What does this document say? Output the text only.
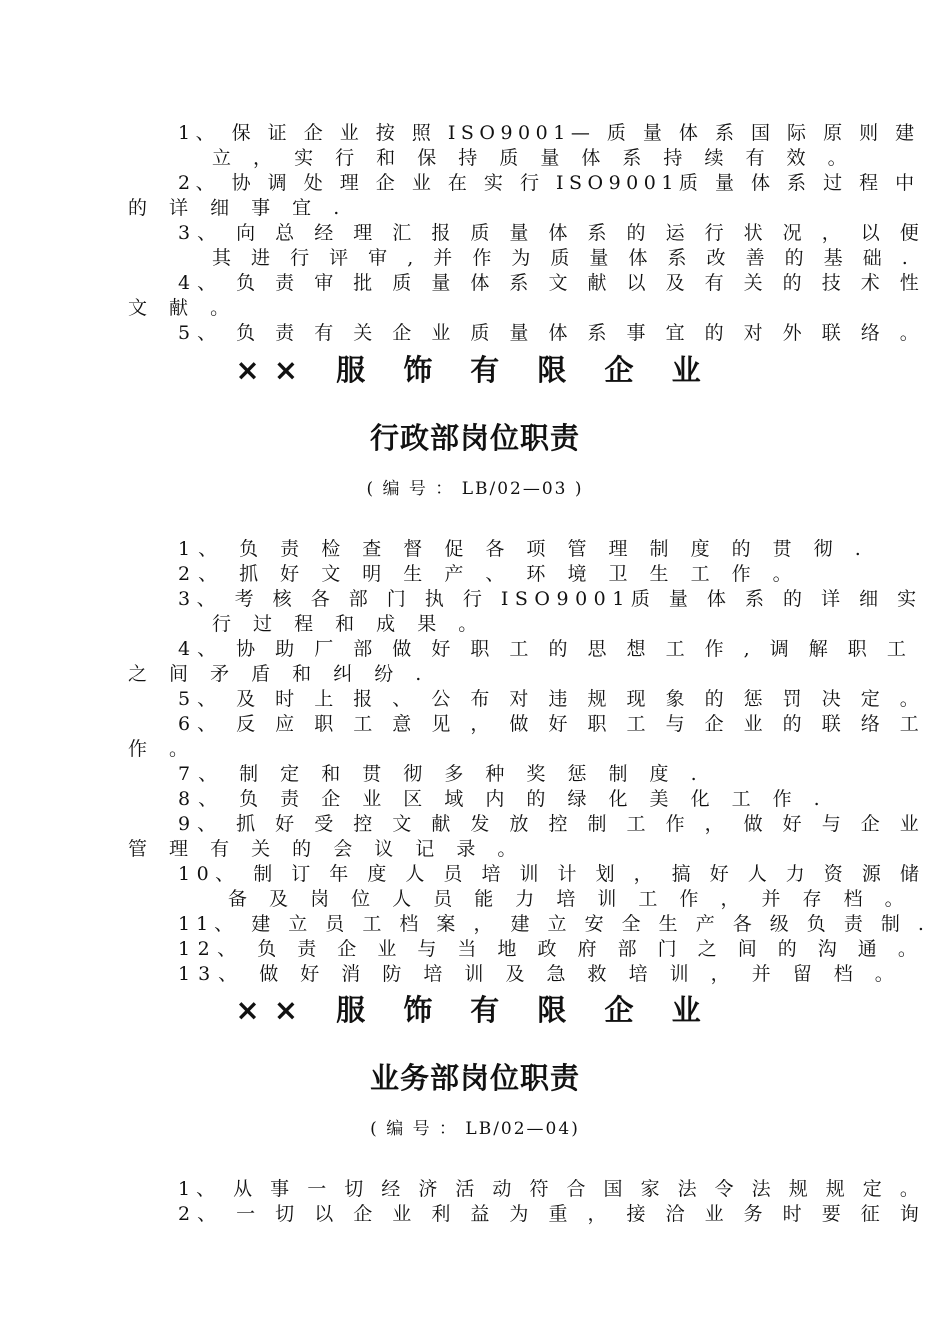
1、 保 证 企 业 按 照 ISO9001— 质 量 体 系 国 际 原 则 建
立 ， 实 行 和 保 持 质 量 体 系 持 续 有 效 。
2、 协 调 处 理 企 业 在 实 行 ISO9001质 量 体 系 过 程 中
的 详 细 事 宜 .
3、 向 总 经 理 汇 报 质 量 体 系 的 运 行 状 况 ， 以 便
其 进 行 评 审 , 并 作 为 质 量 体 系 改 善 的 基 础 .
4、 负 责 审 批 质 量 体 系 文 献 以 及 有 关 的 技 术 性
文 献 。
5、 负 责 有 关 企 业 质 量 体 系 事 宜 的 对 外 联 络 。
×× 服 饰 有 限 企 业
行政部岗位职责
( 编 号 ： LB/02—03 )
1、 负 责 检 查 督 促 各 项 管 理 制 度 的 贯 彻 .
2、 抓 好 文 明 生 产 、 环 境 卫 生 工 作 。
3、 考 核 各 部 门 执 行 ISO9001质 量 体 系 的 详 细 实
行 过 程 和 成 果 。
4、 协 助 厂 部 做 好 职 工 的 思 想 工 作 , 调 解 职 工
之 间 矛 盾 和 纠 纷 .
5、 及 时 上 报 、 公 布 对 违 规 现 象 的 惩 罚 决 定 。
6、 反 应 职 工 意 见 ， 做 好 职 工 与 企 业 的 联 络 工
作 。
7、 制 定 和 贯 彻 多 种 奖 惩 制 度 .
8、 负 责 企 业 区 域 内 的 绿 化 美 化 工 作 .
9、 抓 好 受 控 文 献 发 放 控 制 工 作 ， 做 好 与 企 业
管 理 有 关 的 会 议 记 录 。
10、 制 订 年 度 人 员 培 训 计 划 ， 搞 好 人 力 资 源 储
备 及 岗 位 人 员 能 力 培 训 工 作 ， 并 存 档 。
11、 建 立 员 工 档 案 ， 建 立 安 全 生 产 各 级 负 责 制 .
12、 负 责 企 业 与 当 地 政 府 部 门 之 间 的 沟 通 。
13、 做 好 消 防 培 训 及 急 救 培 训 ， 并 留 档 。
×× 服 饰 有 限 企 业
业务部岗位职责
( 编 号 ： LB/02—04)
1、 从 事 一 切 经 济 活 动 符 合 国 家 法 令 法 规 规 定 。
2、 一 切 以 企 业 利 益 为 重 ， 接 洽 业 务 时 要 征 询
